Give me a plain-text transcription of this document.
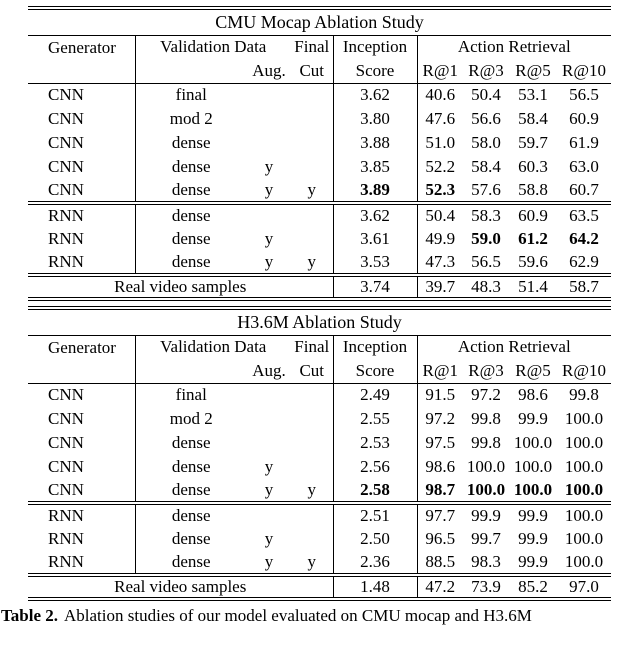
CMU Mocap Ablation Study								
Generator	Validation Data		Final	Inception	Action Retrieval			
		Aug.	Cut	Score	R@1	R@3	R@5	R@10
CNN	final			3.62	40.6	50.4	53.1	56.5
CNN	mod 2			3.80	47.6	56.6	58.4	60.9
CNN	dense			3.88	51.0	58.0	59.7	61.9
CNN	dense	y		3.85	52.2	58.4	60.3	63.0
CNN	dense	y	y	3.89	52.3	57.6	58.8	60.7
RNN	dense			3.62	50.4	58.3	60.9	63.5
RNN	dense	y		3.61	49.9	59.0	61.2	64.2
RNN	dense	y	y	3.53	47.3	56.5	59.6	62.9
Real video samples				3.74	39.7	48.3	51.4	58.7
H3.6M Ablation Study								
Generator	Validation Data		Final	Inception	Action Retrieval			
		Aug.	Cut	Score	R@1	R@3	R@5	R@10
CNN	final			2.49	91.5	97.2	98.6	99.8
CNN	mod 2			2.55	97.2	99.8	99.9	100.0
CNN	dense			2.53	97.5	99.8	100.0	100.0
CNN	dense	y		2.56	98.6	100.0	100.0	100.0
CNN	dense	y	y	2.58	98.7	100.0	100.0	100.0
RNN	dense			2.51	97.7	99.9	99.9	100.0
RNN	dense	y		2.50	96.5	99.7	99.9	100.0
RNN	dense	y	y	2.36	88.5	98.3	99.9	100.0
Real video samples				1.48	47.2	73.9	85.2	97.0
Table 2. Ablation studies of our model evaluated on CMU mocap and H3.6M
